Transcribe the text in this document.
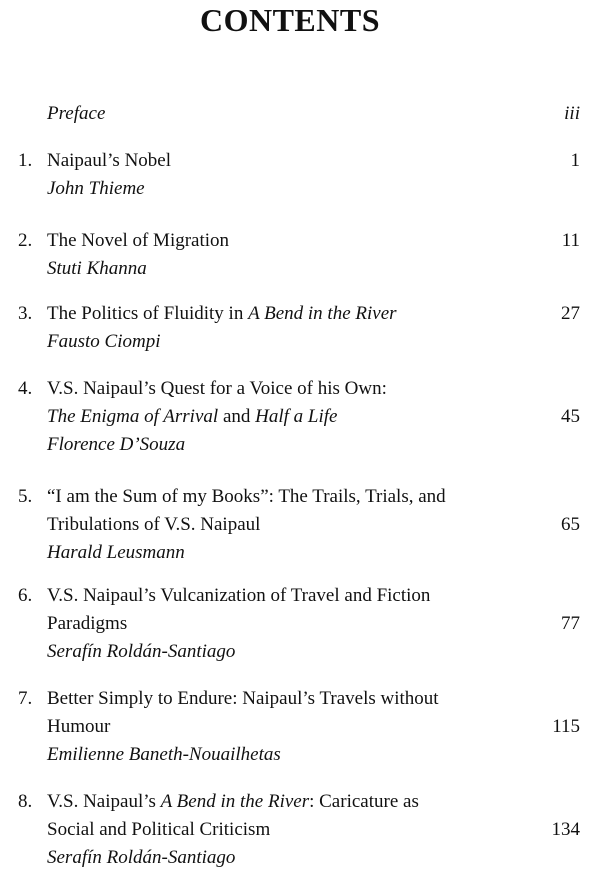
CONTENTS
Preface	iii
1. Naipaul’s Nobel
John Thieme
1
2. The Novel of Migration
Stuti Khanna
11
3. The Politics of Fluidity in A Bend in the River
Fausto Ciompi
27
4. V.S. Naipaul’s Quest for a Voice of his Own:
The Enigma of Arrival and Half a Life
Florence D’Souza
45
5. “I am the Sum of my Books”: The Trails, Trials, and
Tribulations of V.S. Naipaul
Harald Leusmann
65
6. V.S. Naipaul’s Vulcanization of Travel and Fiction
Paradigms
Serafín Roldán-Santiago
77
7. Better Simply to Endure: Naipaul’s Travels without
Humour
Emilienne Baneth-Nouailhetas
115
8. V.S. Naipaul’s A Bend in the River: Caricature as
Social and Political Criticism
Serafín Roldán-Santiago
134
